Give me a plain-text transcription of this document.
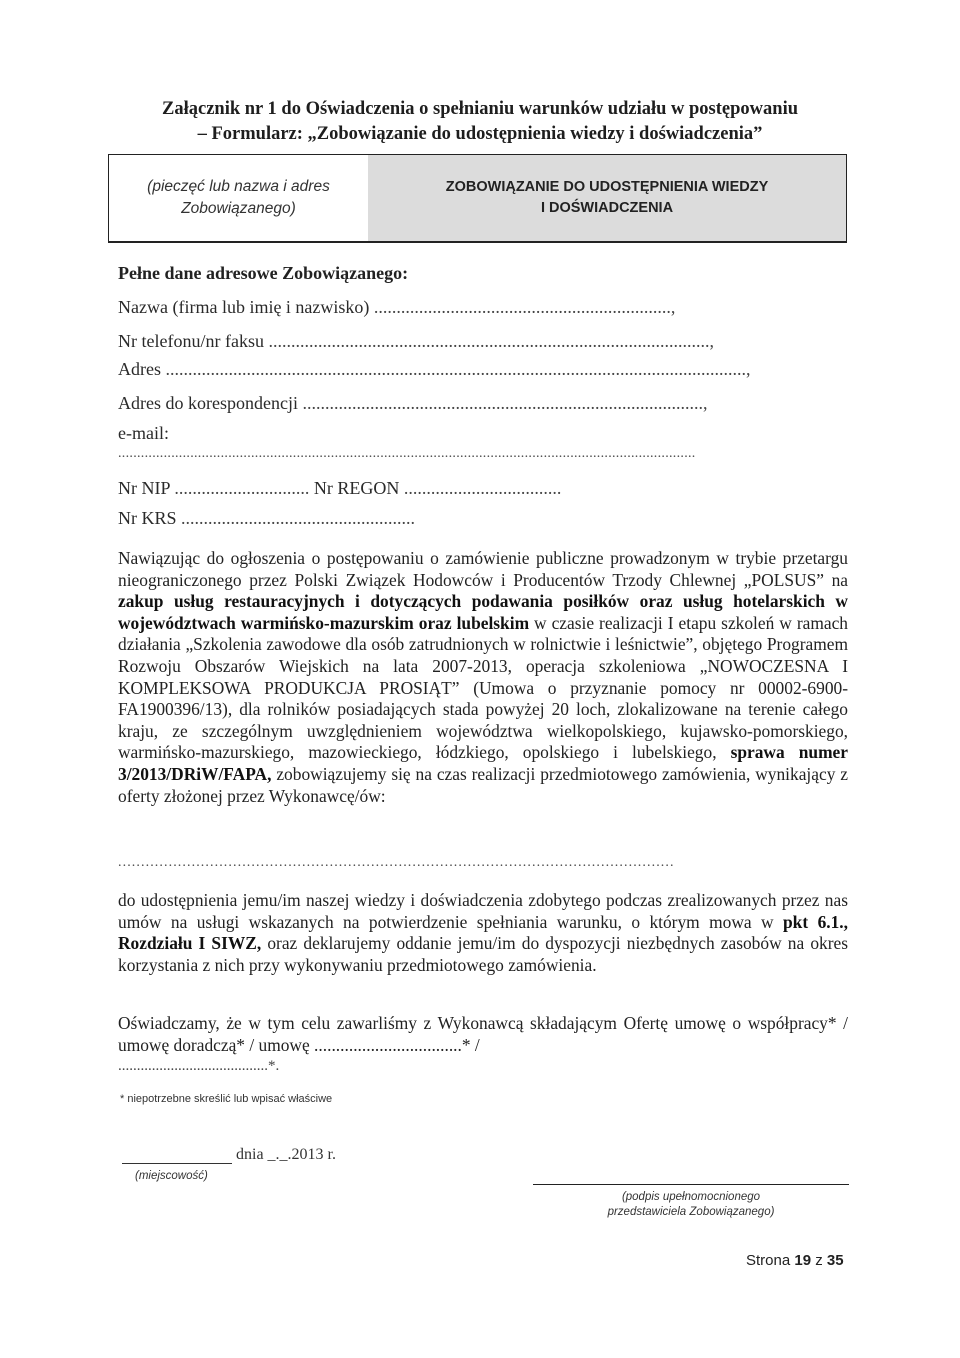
Załącznik nr 1 do Oświadczenia o spełnianiu warunków udziału w postępowaniu
– Formularz: „Zobowiązanie do udostępnienia wiedzy i doświadczenia”
(pieczęć lub nazwa i adres
Zobowiązanego)
ZOBOWIĄZANIE DO UDOSTĘPNIENIA WIEDZY
I DOŚWIADCZENIA
Pełne dane adresowe Zobowiązanego:
Nazwa (firma lub imię i nazwisko) ..................................................................,
Nr telefonu/nr faksu ..................................................................................................,
Adres .................................................................................................................................,
Adres do korespondencji .........................................................................................,
e-mail:
........................................................................................................................................................
Nr NIP .............................. Nr REGON ...................................
Nr KRS ....................................................
Nawiązując do ogłoszenia o postępowaniu o zamówienie publiczne prowadzonym w trybie przetargu nieograniczonego przez Polski Związek Hodowców i Producentów Trzody Chlewnej „POLSUS” na zakup usług restauracyjnych i dotyczących podawania posiłków oraz usług hotelarskich w województwach warmińsko-mazurskim oraz lubelskim w czasie realizacji I etapu szkoleń w ramach działania „Szkolenia zawodowe dla osób zatrudnionych w rolnictwie i leśnictwie”, objętego Programem Rozwoju Obszarów Wiejskich na lata 2007-2013, operacja szkoleniowa „NOWOCZESNA I KOMPLEKSOWA PRODUKCJA PROSIĄT” (Umowa o przyznanie pomocy nr 00002-6900-FA1900396/13), dla rolników posiadających stada powyżej 20 loch, zlokalizowane na terenie całego kraju, ze szczególnym uwzględnieniem województwa wielkopolskiego, kujawsko-pomorskiego, warmińsko-mazurskiego, mazowieckiego, łódzkiego, opolskiego i lubelskiego, sprawa numer 3/2013/DRiW/FAPA, zobowiązujemy się na czas realizacji przedmiotowego zamówienia, wynikający z oferty złożonej przez Wykonawcę/ów:
.........................................................................................................................
do udostępnienia jemu/im naszej wiedzy i doświadczenia zdobytego podczas zrealizowanych przez nas umów na usługi wskazanych na potwierdzenie spełniania warunku, o którym mowa w pkt 6.1., Rozdziału I SIWZ, oraz deklarujemy oddanie jemu/im do dyspozycji niezbędnych zasobów na okres korzystania z nich przy wykonywaniu przedmiotowego zamówienia.
Oświadczamy, że w tym celu zawarliśmy z Wykonawcą składającym Ofertę umowę o współpracy* / umowę doradczą* / umowę ..................................* /
........................................*.
* niepotrzebne skreślić lub wpisać właściwe
dnia _._.2013 r.
(miejscowość)
(podpis upełnomocnionego
przedstawiciela Zobowiązanego)
Strona 19 z 35
